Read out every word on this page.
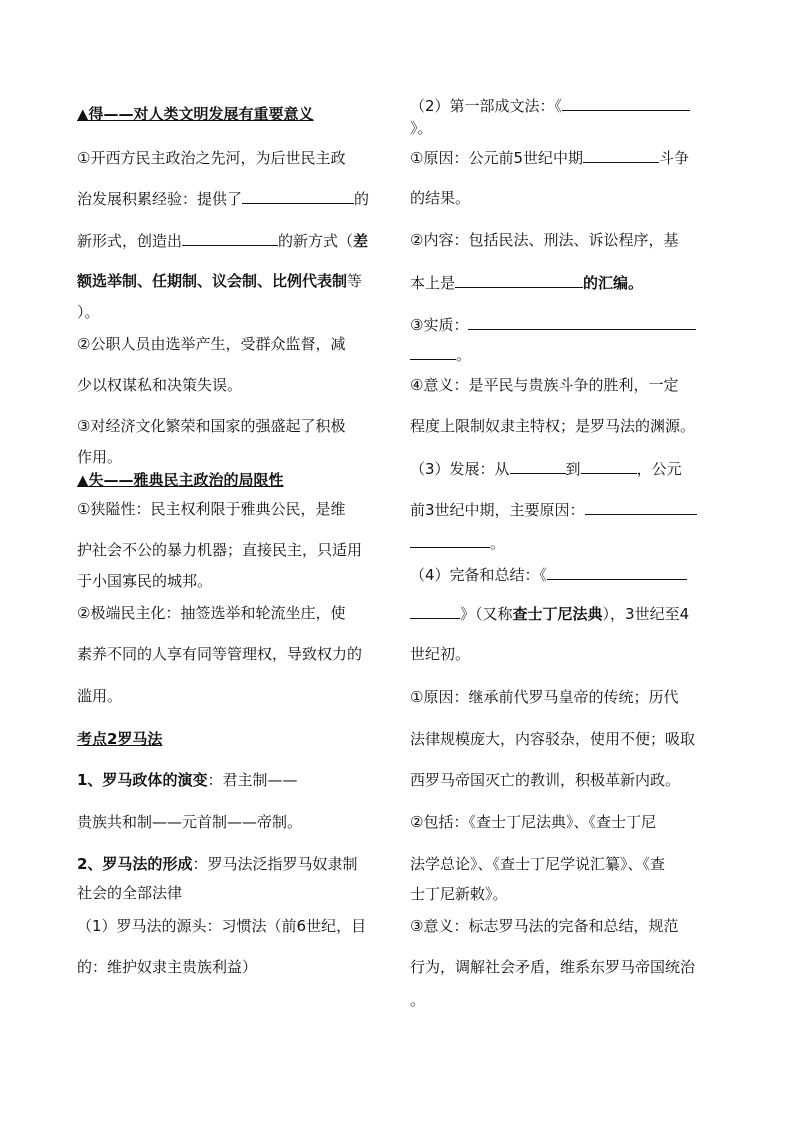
▲得——对人类文明发展有重要意义
①开西方民主政治之先河，为后世民主政
治发展积累经验：提供了	的
新形式，创造出	的新方式（差
额选举制、任期制、议会制、比例代表制等
）。
②公职人员由选举产生，受群众监督，减
少以权谋私和决策失误。
③对经济文化繁荣和国家的强盛起了积极
作用。
▲失——雅典民主政治的局限性
①狭隘性：民主权利限于雅典公民，是维
护社会不公的暴力机器；直接民主，只适用
于小国寡民的城邦。
②极端民主化：抽签选举和轮流坐庄，使
素养不同的人享有同等管理权，导致权力的
滥用。
考点2罗马法
1、罗马政体的演变：君主制——
贵族共和制——元首制——帝制。
2、罗马法的形成：罗马法泛指罗马奴隶制
社会的全部法律
（1）罗马法的源头：习惯法（前6世纪，目
的：维护奴隶主贵族利益）
（2）第一部成文法：《
》。
①原因：公元前5世纪中期	斗争
的结果。
②内容：包括民法、刑法、诉讼程序，基
本上是	的汇编。
③实质：
。
④意义：是平民与贵族斗争的胜利，一定
程度上限制奴隶主特权；是罗马法的渊源。
（3）发展：从	到	，公元
前3世纪中期，主要原因：
。
（4）完备和总结：《
》（又称查士丁尼法典），3世纪至4
世纪初。
①原因：继承前代罗马皇帝的传统；历代
法律规模庞大，内容驳杂，使用不便；吸取
西罗马帝国灭亡的教训，积极革新内政。
②包括：《查士丁尼法典》、《查士丁尼
法学总论》、《查士丁尼学说汇纂》、《查
士丁尼新敕》。
③意义：标志罗马法的完备和总结，规范
行为，调解社会矛盾，维系东罗马帝国统治
。
